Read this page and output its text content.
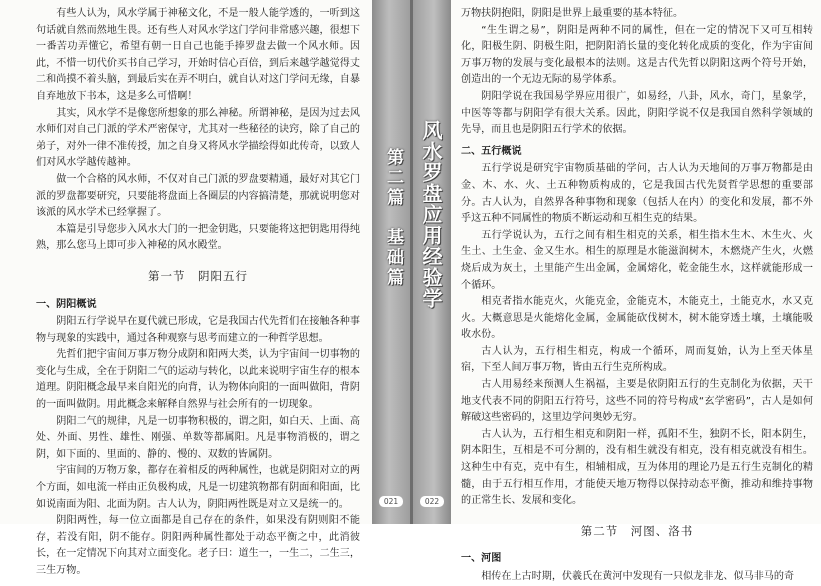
有些人认为，风水学属于神秘文化，不是一般人能学透的，一听到这句话就自然而然地生畏。还有些人对风水学这门学问非常感兴趣，很想下一番苦功弄懂它，希望有朝一日自己也能手捧罗盘去做一个风水师。因此，不惜一切代价买书自己学习，开始时信心百倍，到后来越学越觉得丈二和尚摸不着头脑，到最后实在弄不明白，就自认对这门学问无缘，自暴自弃地放下书本，这是多么可惜啊！

其实，风水学不是像您所想象的那么神秘。所谓神秘，是因为过去风水师们对自己门派的学术严密保守，尤其对一些秘径的诀窍，除了自己的弟子，对外一律不准传授，加之自身又将风水学描绘得如此传奇，以致人们对风水学越传越神。

做一个合格的风水师，不仅对自己门派的罗盘要精通，最好对其它门派的罗盘都要研究，只要能将盘面上各圈层的内容搞清楚，那就说明您对该派的风水学术已经掌握了。

本篇是引导您步入风水大门的一把金钥匙，只要能将这把钥匙用得纯熟，那么您马上即可步入神秘的风水殿堂。

第一节　阴阳五行
一、阴阳概说

阴阳五行学说早在夏代就已形成，它是我国古代先哲们在接触各种事物与现象的实践中，通过各种观察与思考而建立的一种哲学思想。

先哲们把宇宙间万事万物分成阴和阳两大类，认为宇宙间一切事物的变化与生成，全在于阴阳二气的运动与转化，以此来说明宇宙生存的根本道理。阴阳概念最早来自阳光的向背，认为物体向阳的一面叫做阳，背阴的一面叫做阴。用此概念来解释自然界与社会所有的一切现象。

阴阳二气的规律，凡是一切事物积极的，谓之阳，如白天、上面、高处、外面、男性、雄性、刚强、单数等都属阳。凡是事物消极的，谓之阴，如下面的、里面的、静的、慢的、双数的皆属阴。

宇宙间的万物万象，都存在着相反的两种属性，也就是阴阳对立的两个方面，如电流一样由正负极构成，凡是一切建筑物都有阴面和阳面，比如说南面为阳、北面为阴。古人认为，阴阳两性既是对立又是统一的。

阴阳两性，每一位立面都是自己存在的条件，如果没有阴则阳不能存，若没有阳，阴不能存。阴阳两种属性都处于动态平衡之中，此消彼长，在一定情况下向其对立面变化。老子曰：道生一，一生二，二生三，三生万物。

第二篇　基础篇
021
风水罗盘应用经验学
022

万物扶阴抱阳，阴阳是世界上最重要的基本特征。

“生生谓之易”，阴阳是两种不同的属性，但在一定的情况下又可互相转化，阳极生阴、阴极生阳，把阴阳消长量的变化转化成质的变化，作为宇宙间万事万物的发展与变化最根本的法则。这是古代先哲以阴阳这两个符号开始，创造出的一个无边无际的易学体系。

阴阳学说在我国易学界应用很广，如易经，八卦，风水，奇门，星象学，中医等等都与阴阳学有很大关系。因此，阴阳学说不仅是我国自然科学领域的先导，而且也是阴阳五行学术的依据。

二、五行概说

五行学说是研究宇宙物质基础的学问，古人认为天地间的万事万物都是由金、木、水、火、土五种物质构成的，它是我国古代先贤哲学思想的重要部分。古人认为，自然界各种事物和现象（包括人在内）的变化和发展，都不外乎这五种不同属性的物质不断运动和互相生克的结果。

五行学说认为，五行之间有相生相克的关系，相生指木生木、木生火、火生土、土生金、金又生水。相生的原理是水能滋润树木，木燃烧产生火，火燃烧后成为灰土，土里能产生出金属，金属熔化，乾金能生水，这样就能形成一个循环。

相克者指水能克火，火能克金，金能克木，木能克土，土能克水，水又克火。大概意思是火能熔化金属，金属能砍伐树木，树木能穿透土壤，土壤能吸收水份。

古人认为，五行相生相克，构成一个循环，周而复始，认为上至天体星宿，下至人间万事万物，皆由五行生克所构成。

古人用易经来预测人生祸福，主要是依阴阳五行的生克制化为依据，天干地支代表不同的阴阳五行符号，这些不同的符号构成“玄学密码”，古人是如何解破这些密码的，这里边学问奥妙无穷。

古人认为，五行相生相克和阴阳一样，孤阳不生，独阴不长，阳本阴生，阴本阳生，互相是不可分割的，没有相生就没有相克，没有相克就没有相生。这种生中有克，克中有生，相辅相成，互为体用的理论乃是五行生克制化的精髓，由于五行相互作用，才能使天地万物得以保持动态平衡，推动和维持事物的正常生长、发展和变化。

第二节　河图、洛书
一、河图

相传在上古时期，伏羲氏在黄河中发现有一只似龙非龙、似马非马的奇
